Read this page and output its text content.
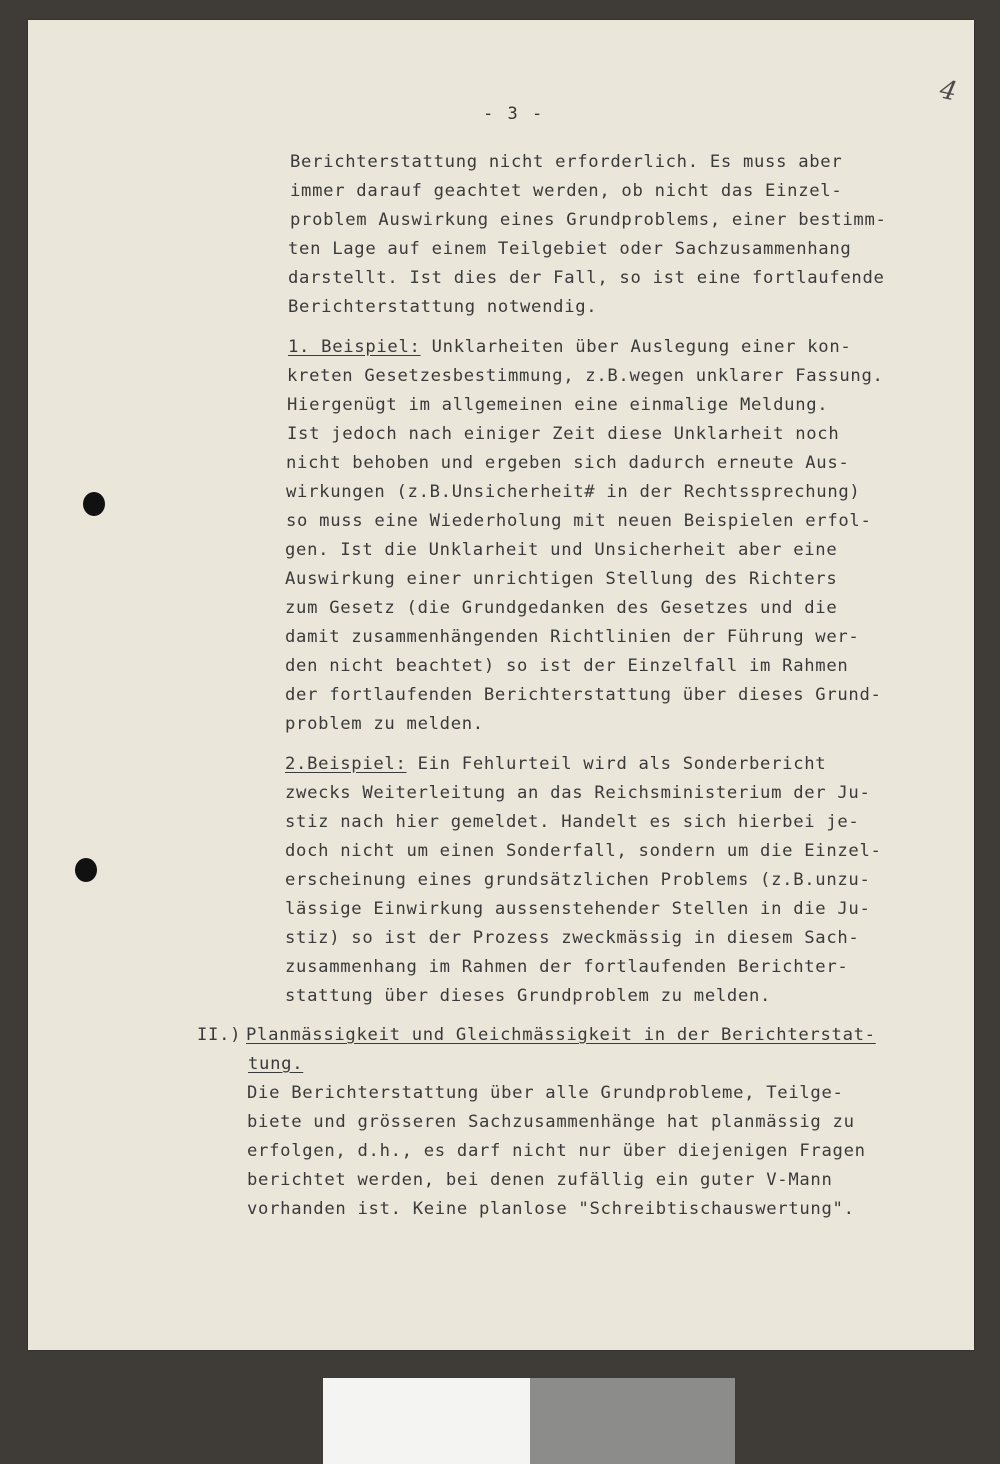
- 3 -
4
Berichterstattung nicht erforderlich. Es muss aber
immer darauf geachtet werden, ob nicht das Einzel-
problem Auswirkung eines Grundproblems, einer bestimm-
ten Lage auf einem Teilgebiet oder Sachzusammenhang
darstellt. Ist dies der Fall, so ist eine fortlaufende
Berichterstattung notwendig.
1. Beispiel: Unklarheiten über Auslegung einer kon-
kreten Gesetzesbestimmung, z.B.wegen unklarer Fassung.
Hiergenügt im allgemeinen eine einmalige Meldung.
Ist jedoch nach einiger Zeit diese Unklarheit noch
nicht behoben und ergeben sich dadurch erneute Aus-
wirkungen (z.B.Unsicherheit# in der Rechtssprechung)
so muss eine Wiederholung mit neuen Beispielen erfol-
gen. Ist die Unklarheit und Unsicherheit aber eine
Auswirkung einer unrichtigen Stellung des Richters
zum Gesetz (die Grundgedanken des Gesetzes und die
damit zusammenhängenden Richtlinien der Führung wer-
den nicht beachtet) so ist der Einzelfall im Rahmen
der fortlaufenden Berichterstattung über dieses Grund-
problem zu melden.
2.Beispiel: Ein Fehlurteil wird als Sonderbericht
zwecks Weiterleitung an das Reichsministerium der Ju-
stiz nach hier gemeldet. Handelt es sich hierbei je-
doch nicht um einen Sonderfall, sondern um die Einzel-
erscheinung eines grundsätzlichen Problems (z.B.unzu-
lässige Einwirkung aussenstehender Stellen in die Ju-
stiz) so ist der Prozess zweckmässig in diesem Sach-
zusammenhang im Rahmen der fortlaufenden Berichter-
stattung über dieses Grundproblem zu melden.
II.) Planmässigkeit und Gleichmässigkeit in der Berichterstat-
tung.
Die Berichterstattung über alle Grundprobleme, Teilge-
biete und grösseren Sachzusammenhänge hat planmässig zu
erfolgen, d.h., es darf nicht nur über diejenigen Fragen
berichtet werden, bei denen zufällig ein guter V-Mann
vorhanden ist. Keine planlose "Schreibtischauswertung".
